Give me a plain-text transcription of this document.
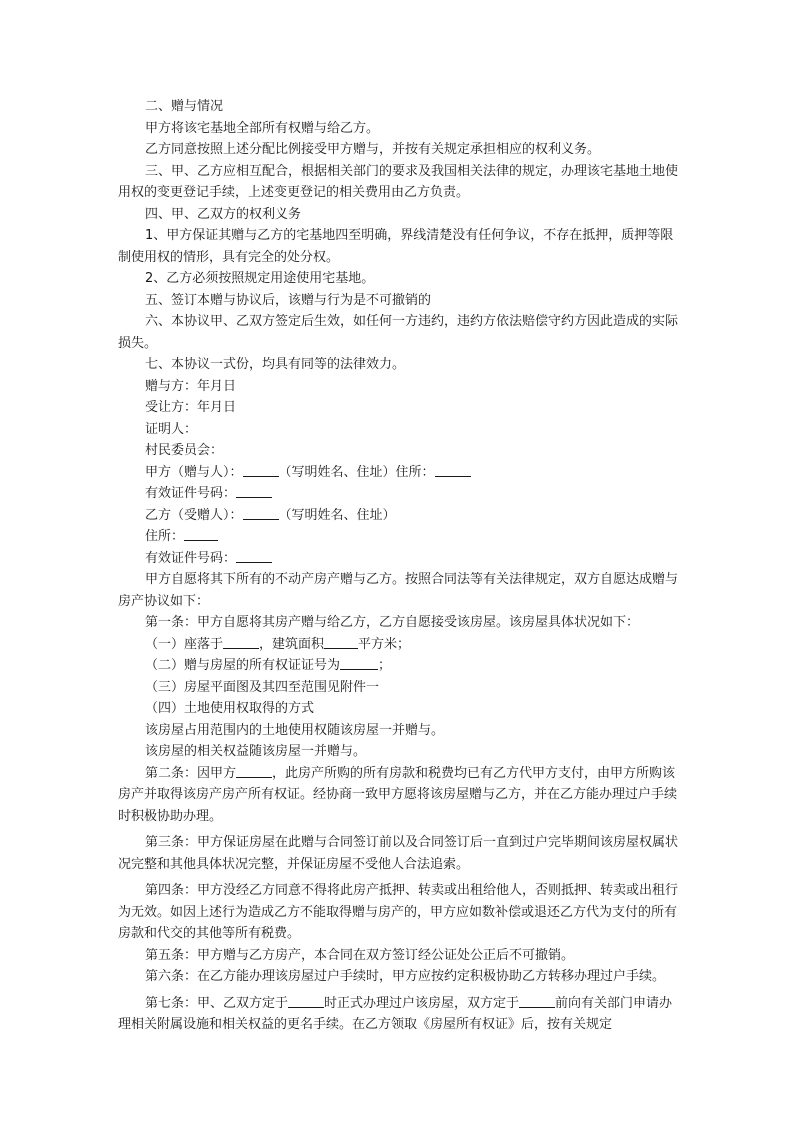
二、赠与情况

甲方将该宅基地全部所有权赠与给乙方。

乙方同意按照上述分配比例接受甲方赠与，并按有关规定承担相应的权利义务。

三、甲、乙方应相互配合，根据相关部门的要求及我国相关法律的规定，办理该宅基地土地使用权的变更登记手续，上述变更登记的相关费用由乙方负责。

四、甲、乙双方的权利义务

1、甲方保证其赠与乙方的宅基地四至明确，界线清楚没有任何争议，不存在抵押，质押等限制使用权的情形，具有完全的处分权。

2、乙方必须按照规定用途使用宅基地。

五、签订本赠与协议后，该赠与行为是不可撤销的

六、本协议甲、乙双方签定后生效，如任何一方违约，违约方依法赔偿守约方因此造成的实际损失。

七、本协议一式份，均具有同等的法律效力。

赠与方：年月日

受让方：年月日

证明人：

村民委员会：

甲方（赠与人）：	（写明姓名、住址）住所：

有效证件号码：

乙方（受赠人）：	（写明姓名、住址）

住所：

有效证件号码：

甲方自愿将其下所有的不动产房产赠与乙方。按照合同法等有关法律规定，双方自愿达成赠与房产协议如下：

第一条：甲方自愿将其房产赠与给乙方，乙方自愿接受该房屋。该房屋具体状况如下：

（一）座落于	，建筑面积	平方米；

（二）赠与房屋的所有权证证号为	；

（三）房屋平面图及其四至范围见附件一

（四）土地使用权取得的方式

该房屋占用范围内的土地使用权随该房屋一并赠与。

该房屋的相关权益随该房屋一并赠与。

第二条：因甲方	，此房产所购的所有房款和税费均已有乙方代甲方支付，由甲方所购该房产并取得该房产房产所有权证。经协商一致甲方愿将该房屋赠与乙方，并在乙方能办理过户手续时积极协助办理。

第三条：甲方保证房屋在此赠与合同签订前以及合同签订后一直到过户完毕期间该房屋权属状况完整和其他具体状况完整，并保证房屋不受他人合法追索。

第四条：甲方没经乙方同意不得将此房产抵押、转卖或出租给他人，否则抵押、转卖或出租行为无效。如因上述行为造成乙方不能取得赠与房产的，甲方应如数补偿或退还乙方代为支付的所有房款和代交的其他等所有税费。

第五条：甲方赠与乙方房产，本合同在双方签订经公证处公正后不可撤销。

第六条：在乙方能办理该房屋过户手续时，甲方应按约定积极协助乙方转移办理过户手续。

第七条：甲、乙双方定于	时正式办理过户该房屋，双方定于	前向有关部门申请办理相关附属设施和相关权益的更名手续。在乙方领取《房屋所有权证》后，按有关规定
